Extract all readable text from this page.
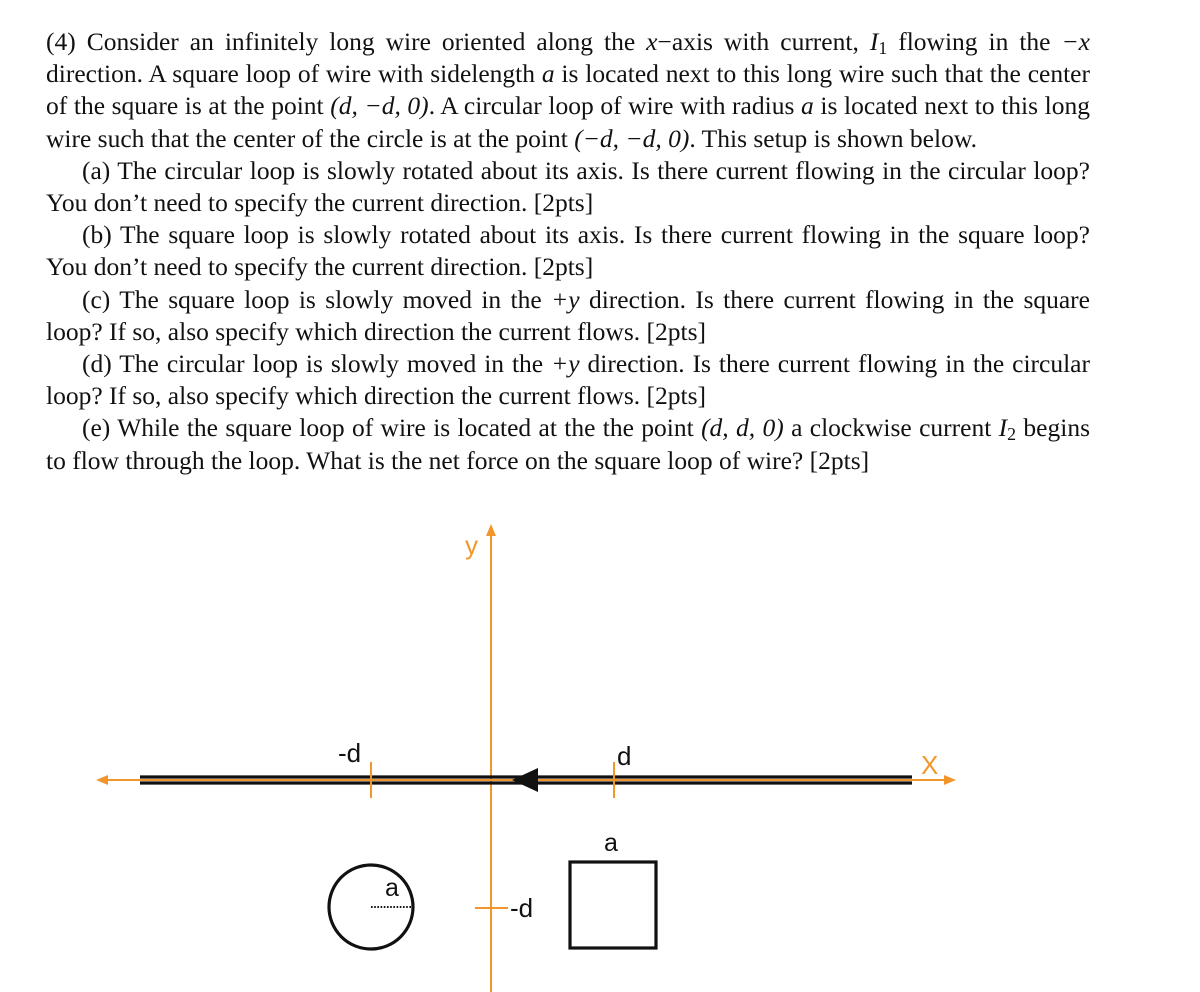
(4) Consider an infinitely long wire oriented along the x−axis with current, $I_1$ flowing in the −x direction. A square loop of wire with sidelength a is located next to this long wire such that the center of the square is at the point (d, −d, 0). A circular loop of wire with radius a is located next to this long wire such that the center of the circle is at the point (−d, −d, 0). This setup is shown below.

(a) The circular loop is slowly rotated about its axis. Is there current flowing in the circular loop? You don’t need to specify the current direction. [2pts]

(b) The square loop is slowly rotated about its axis. Is there current flowing in the square loop? You don’t need to specify the current direction. [2pts]

(c) The square loop is slowly moved in the +y direction. Is there current flowing in the square loop? If so, also specify which direction the current flows. [2pts]

(d) The circular loop is slowly moved in the +y direction. Is there current flowing in the circular loop? If so, also specify which direction the current flows. [2pts]

(e) While the square loop of wire is located at the the point (d, d, 0) a clockwise current $I_2$ begins to flow through the loop. What is the net force on the square loop of wire? [2pts]

y
X
-d	d
-d
a
a
